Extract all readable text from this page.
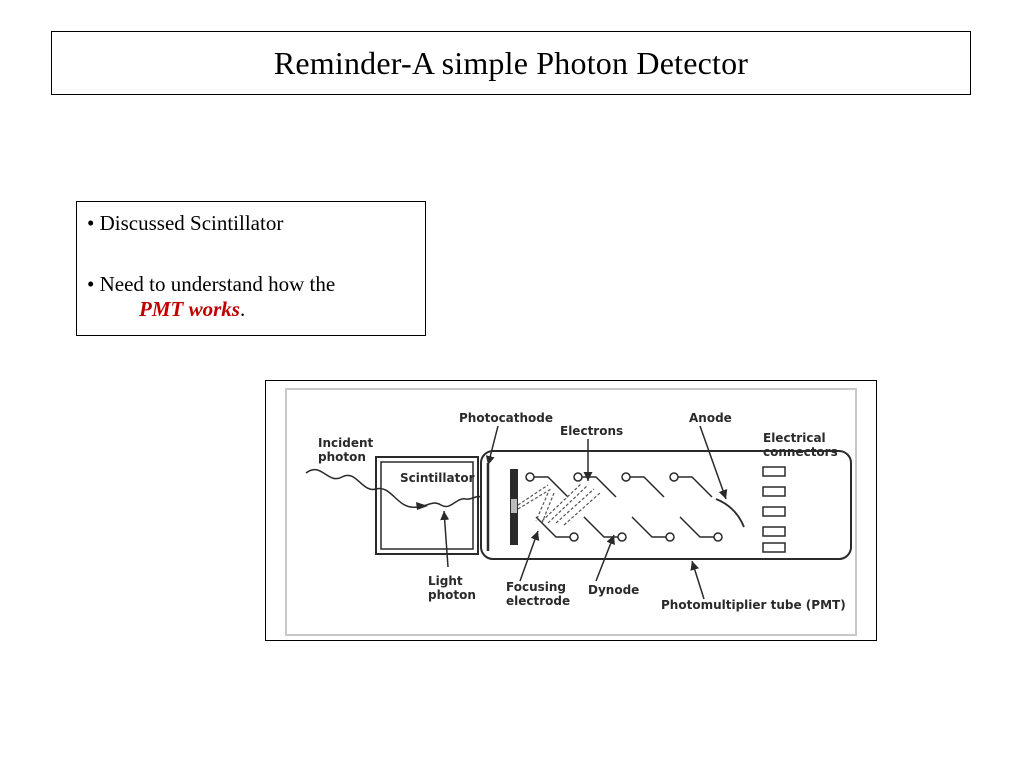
Reminder-A simple Photon Detector

• Discussed Scintillator

• Need to understand how the

PMT works.

Incident
photon
Scintillator
Photocathode
Electrons
Anode
Electrical
connectors
Light
photon
Focusing
electrode
Dynode
Photomultiplier tube (PMT)
